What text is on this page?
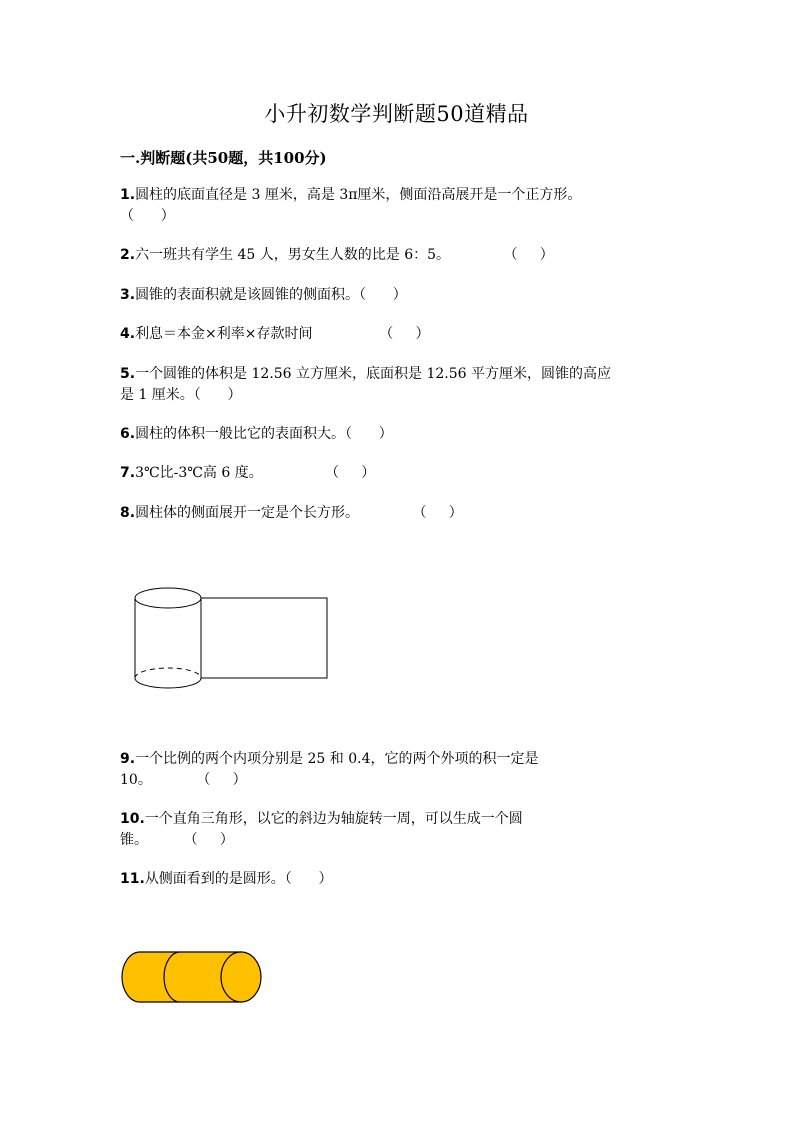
小升初数学判断题50道精品
一.判断题(共50题，共100分)
1.圆柱的底面直径是 3 厘米，高是 3π厘米，侧面沿高展开是一个正方形。
（      ）
2.六一班共有学生 45 人，男女生人数的比是 6：5。            （     ）
3.圆锥的表面积就是该圆锥的侧面积。（      ）
4.利息＝本金×利率×存款时间               （     ）
5.一个圆锥的体积是 12.56 立方厘米，底面积是 12.56 平方厘米，圆锥的高应
是 1 厘米。（      ）
6.圆柱的体积一般比它的表面积大。（      ）
7.3℃比-3℃高 6 度。              （     ）
8.圆柱体的侧面展开一定是个长方形。            （     ）
9.一个比例的两个内项分别是 25 和 0.4，它的两个外项的积一定是
10。          （     ）
10.一个直角三角形，以它的斜边为轴旋转一周，可以生成一个圆
锥。        （     ）
11.从侧面看到的是圆形。（      ）
